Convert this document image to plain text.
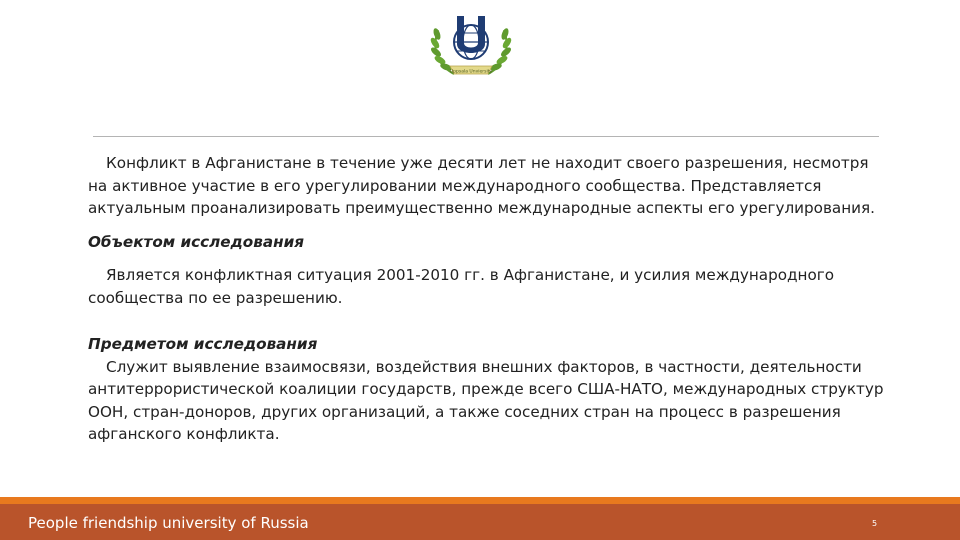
Uppsala Unviersity

Конфликт в Афганистане в течение уже десяти лет не находит своего разрешения, несмотря на активное участие в его урегулировании международного сообщества. Представляется актуальным проанализировать преимущественно международные аспекты его урегулирования.

Объектом исследования

Является конфликтная ситуация 2001-2010 гг. в Афганистане, и усилия международного сообщества по ее разрешению.

Предметом исследования

Служит выявление взаимосвязи, воздействия внешних факторов, в частности, деятельности антитеррористической коалиции государств, прежде всего США-НАТО, международных структур ООН, стран-доноров, других организаций, а также соседних стран на процесс в разрешения афганского конфликта.

People friendship university of Russia	5
